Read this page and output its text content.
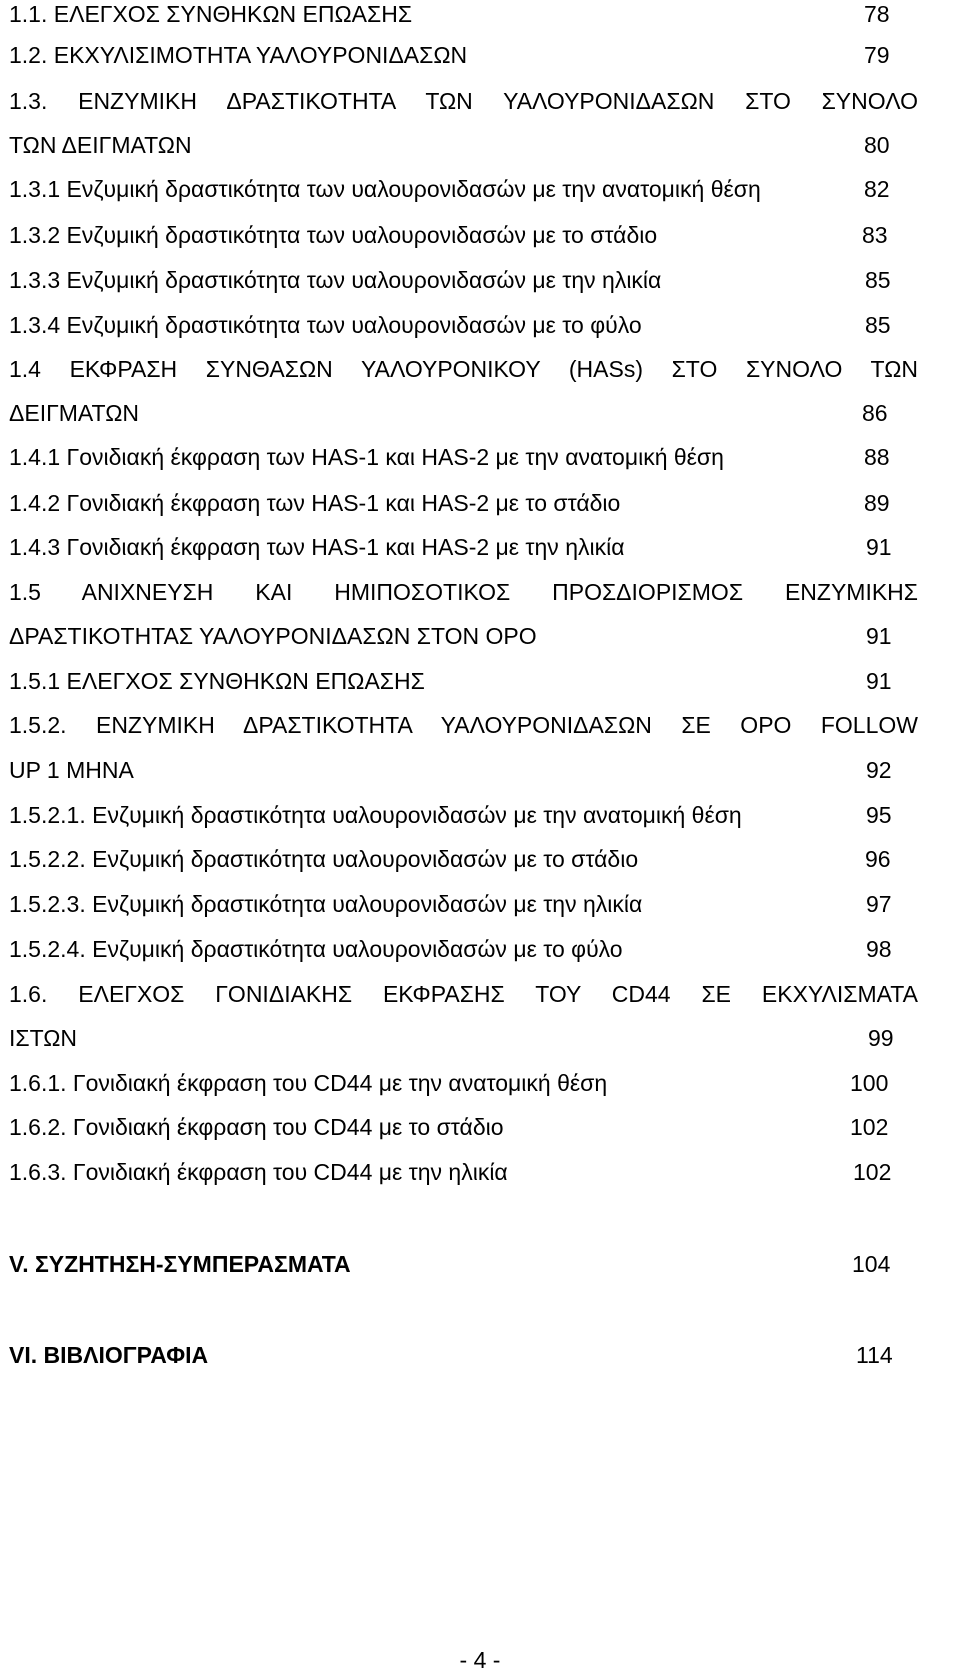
1.1. ΕΛΕΓΧΟΣ ΣΥΝΘΗΚΩΝ ΕΠΩΑΣΗΣ	78
1.2. ΕΚΧΥΛΙΣΙΜΟΤΗΤΑ ΥΑΛΟΥΡΟΝΙΔΑΣΩΝ	79
1.3. ΕΝΖΥΜΙΚΗ ΔΡΑΣΤΙΚΟΤΗΤΑ ΤΩΝ ΥΑΛΟΥΡΟΝΙΔΑΣΩΝ ΣΤΟ ΣΥΝΟΛΟ
ΤΩΝ ΔΕΙΓΜΑΤΩΝ	80
1.3.1 Ενζυμική δραστικότητα των υαλουρονιδασών με την ανατομική θέση	82
1.3.2 Ενζυμική δραστικότητα των υαλουρονιδασών με το στάδιο	83
1.3.3 Ενζυμική δραστικότητα των υαλουρονιδασών με την ηλικία	85
1.3.4 Ενζυμική δραστικότητα των υαλουρονιδασών με το φύλο	85
1.4 ΕΚΦΡΑΣΗ ΣΥΝΘΑΣΩΝ ΥΑΛΟΥΡΟΝΙΚΟΥ (HASs) ΣΤΟ ΣΥΝΟΛΟ ΤΩΝ
ΔΕΙΓΜΑΤΩΝ	86
1.4.1 Γονιδιακή έκφραση των HAS-1 και HAS-2 με την ανατομική θέση	88
1.4.2 Γονιδιακή έκφραση των HAS-1 και HAS-2 με το στάδιο	89
1.4.3 Γονιδιακή έκφραση των HAS-1 και HAS-2 με την ηλικία	91
1.5 ΑΝΙΧΝΕΥΣΗ ΚΑΙ ΗΜΙΠΟΣΟΤΙΚΟΣ ΠΡΟΣΔΙΟΡΙΣΜΟΣ ΕΝΖΥΜΙΚΗΣ
ΔΡΑΣΤΙΚΟΤΗΤΑΣ ΥΑΛΟΥΡΟΝΙΔΑΣΩΝ ΣΤΟΝ ΟΡΟ	91
1.5.1 ΕΛΕΓΧΟΣ ΣΥΝΘΗΚΩΝ ΕΠΩΑΣΗΣ	91
1.5.2. ΕΝΖΥΜΙΚΗ ΔΡΑΣΤΙΚΟΤΗΤΑ ΥΑΛΟΥΡΟΝΙΔΑΣΩΝ ΣΕ ΟΡΟ FOLLOW
UP 1 ΜΗΝΑ	92
1.5.2.1. Ενζυμική δραστικότητα υαλουρονιδασών με την ανατομική θέση	95
1.5.2.2. Ενζυμική δραστικότητα υαλουρονιδασών με το στάδιο	96
1.5.2.3. Ενζυμική δραστικότητα υαλουρονιδασών με την ηλικία	97
1.5.2.4. Ενζυμική δραστικότητα υαλουρονιδασών με το φύλο	98
1.6. ΕΛΕΓΧΟΣ ΓΟΝΙΔΙΑΚΗΣ ΕΚΦΡΑΣΗΣ ΤΟΥ CD44 ΣΕ ΕΚΧΥΛΙΣΜΑΤΑ
ΙΣΤΩΝ	99
1.6.1. Γονιδιακή έκφραση του CD44 με την ανατομική θέση	100
1.6.2. Γονιδιακή έκφραση του CD44 με το στάδιο	102
1.6.3. Γονιδιακή έκφραση του CD44 με την ηλικία	102
V. ΣΥΖΗΤΗΣΗ-ΣΥΜΠΕΡΑΣΜΑΤΑ	104
VI. ΒΙΒΛΙΟΓΡΑΦΙΑ	114
- 4 -
